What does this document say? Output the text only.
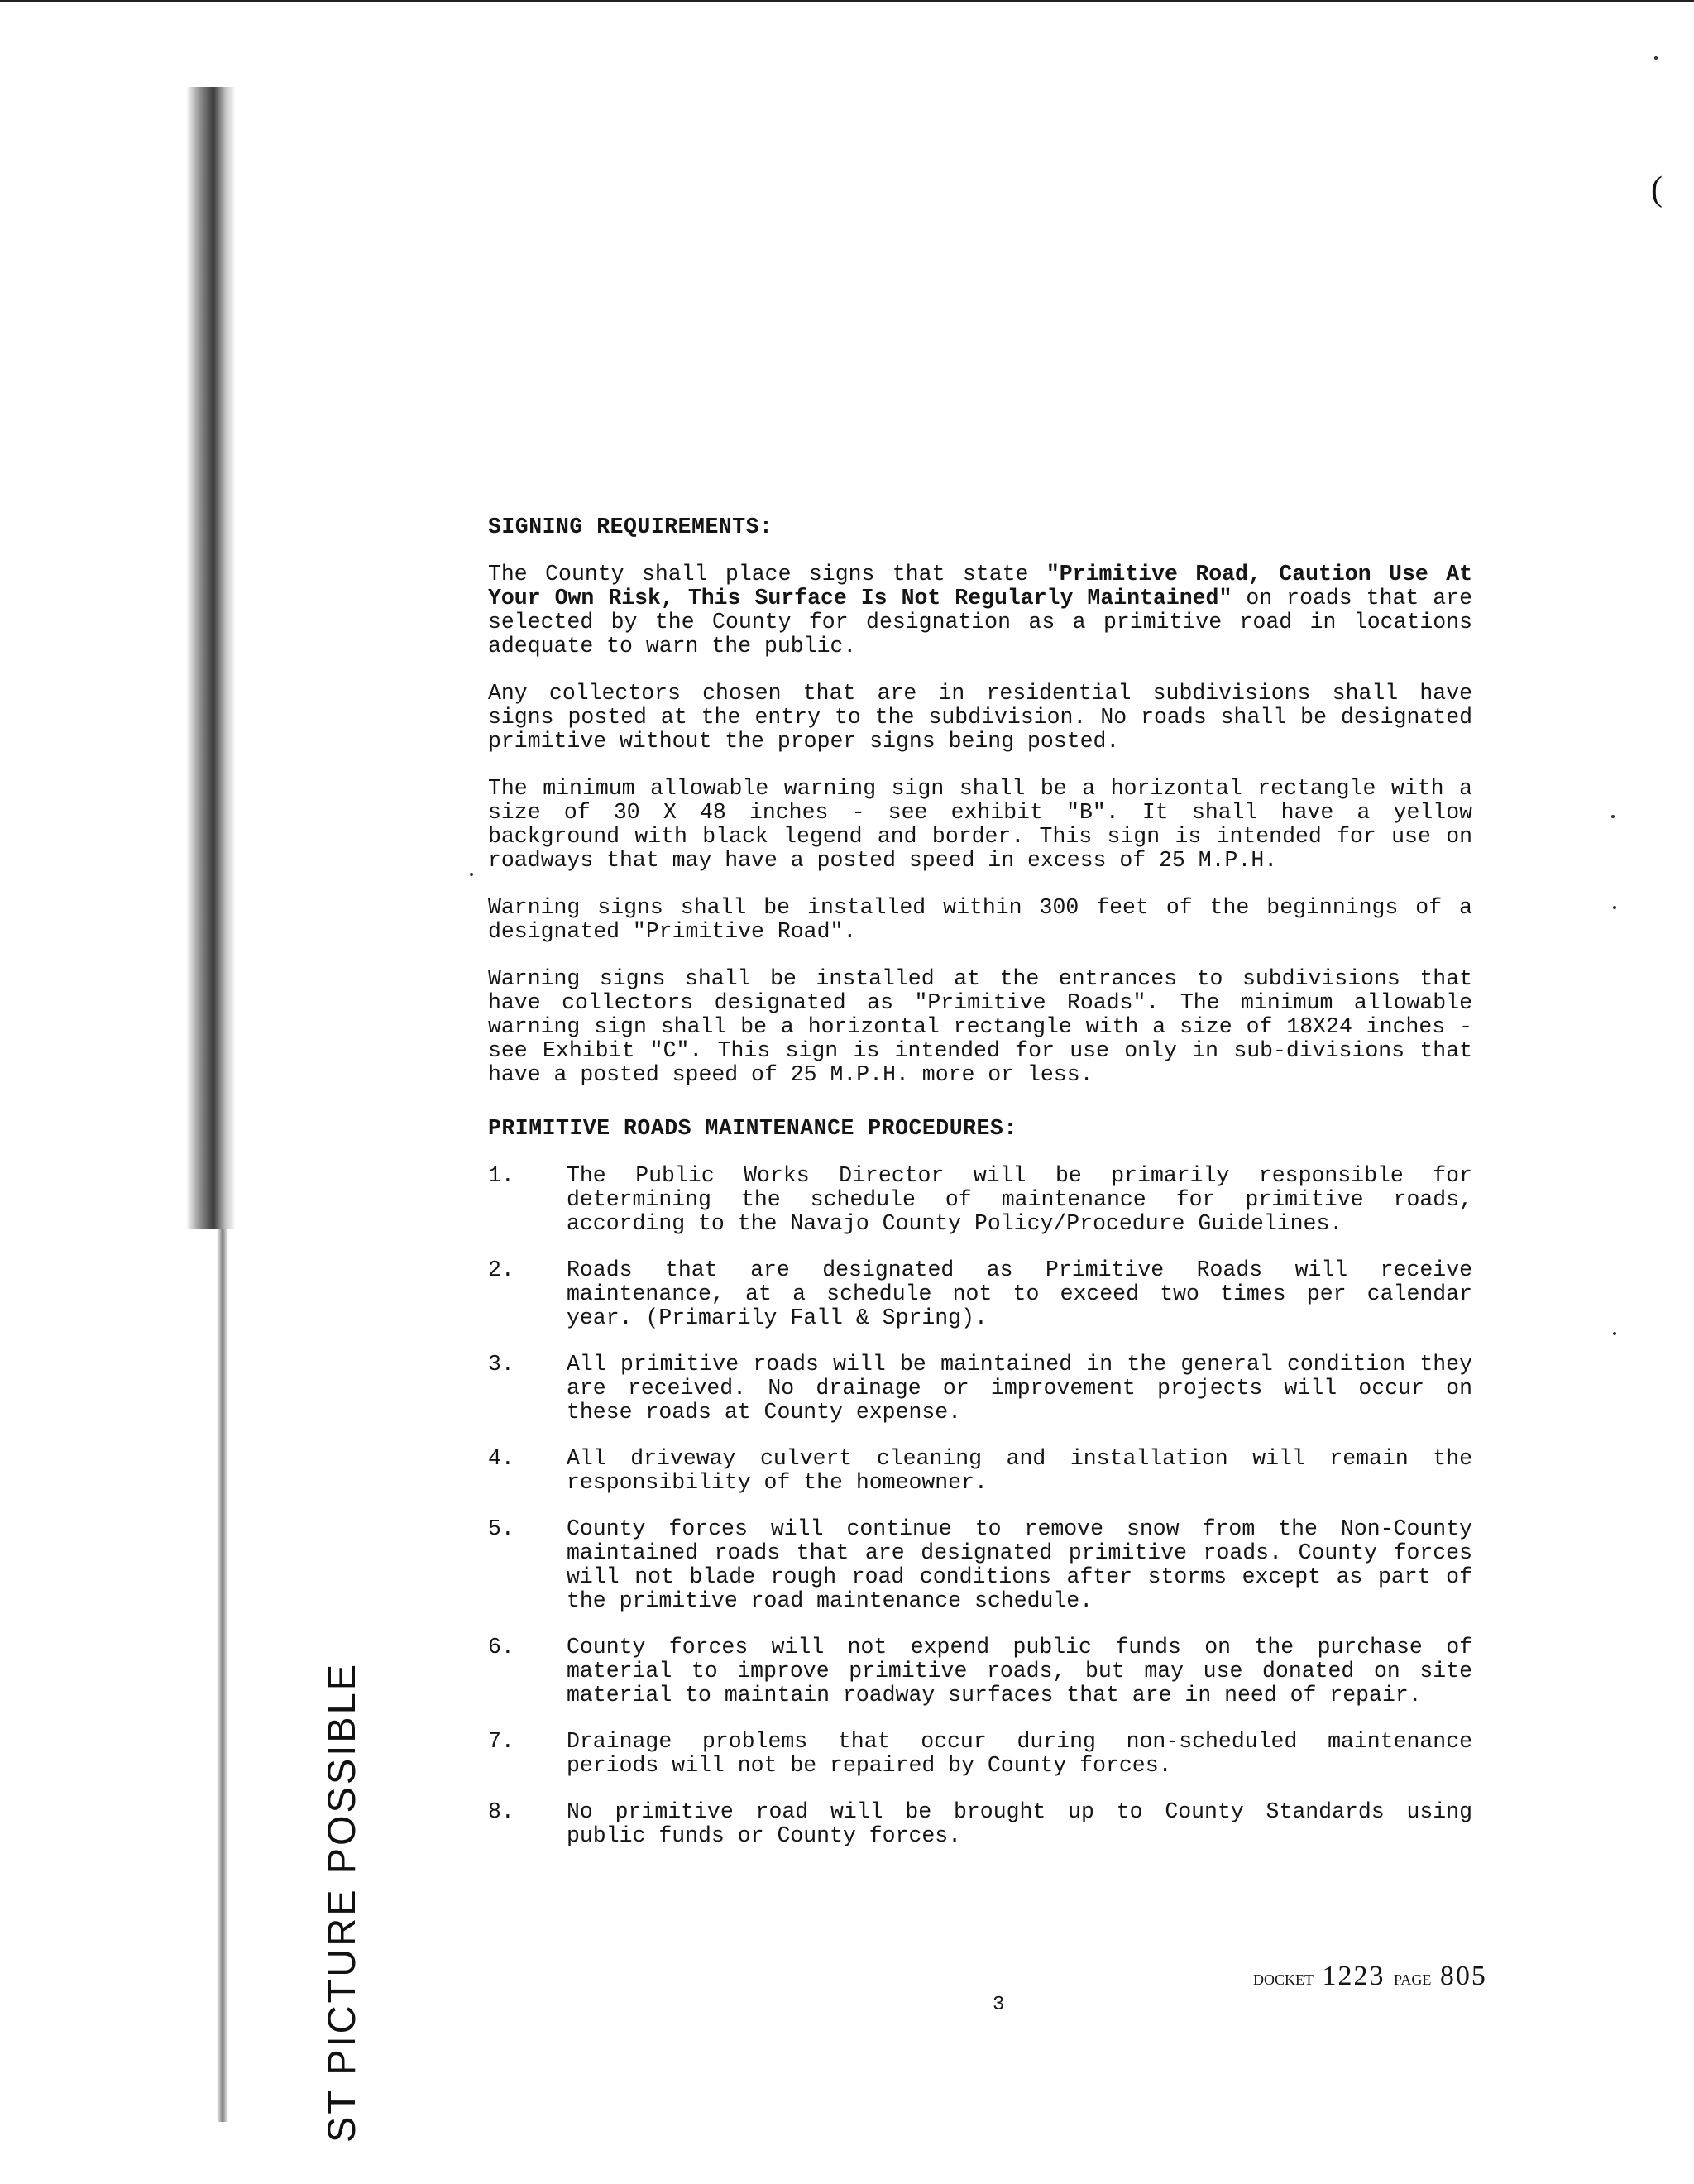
ST PICTURE POSSIBLE
(
SIGNING REQUIREMENTS:

The County shall place signs that state "Primitive Road, Caution Use At Your Own Risk, This Surface Is Not Regularly Maintained" on roads that are selected by the County for designation as a primitive road in locations adequate to warn the public.

Any collectors chosen that are in residential subdivisions shall have signs posted at the entry to the subdivision. No roads shall be designated primitive without the proper signs being posted.

The minimum allowable warning sign shall be a horizontal rectangle with a size of 30 X 48 inches - see exhibit "B". It shall have a yellow background with black legend and border. This sign is intended for use on roadways that may have a posted speed in excess of 25 M.P.H.

Warning signs shall be installed within 300 feet of the beginnings of a designated "Primitive Road".

Warning signs shall be installed at the entrances to subdivisions that have collectors designated as "Primitive Roads". The minimum allowable warning sign shall be a horizontal rectangle with a size of 18X24 inches - see Exhibit "C". This sign is intended for use only in sub-divisions that have a posted speed of 25 M.P.H. more or less.

PRIMITIVE ROADS MAINTENANCE PROCEDURES:
1.	The Public Works Director will be primarily responsible for determining the schedule of maintenance for primitive roads, according to the Navajo County Policy/Procedure Guidelines.
2.	Roads that are designated as Primitive Roads will receive maintenance, at a schedule not to exceed two times per calendar year. (Primarily Fall & Spring).
3.	All primitive roads will be maintained in the general condition they are received. No drainage or improvement projects will occur on these roads at County expense.
4.	All driveway culvert cleaning and installation will remain the responsibility of the homeowner.
5.	County forces will continue to remove snow from the Non-County maintained roads that are designated primitive roads. County forces will not blade rough road conditions after storms except as part of the primitive road maintenance schedule.
6.	County forces will not expend public funds on the purchase of material to improve primitive roads, but may use donated on site material to maintain roadway surfaces that are in need of repair.
7.	Drainage problems that occur during non-scheduled maintenance periods will not be repaired by County forces.
8.	No primitive road will be brought up to County Standards using public funds or County forces.
DOCKET 1223 PAGE 805
3
